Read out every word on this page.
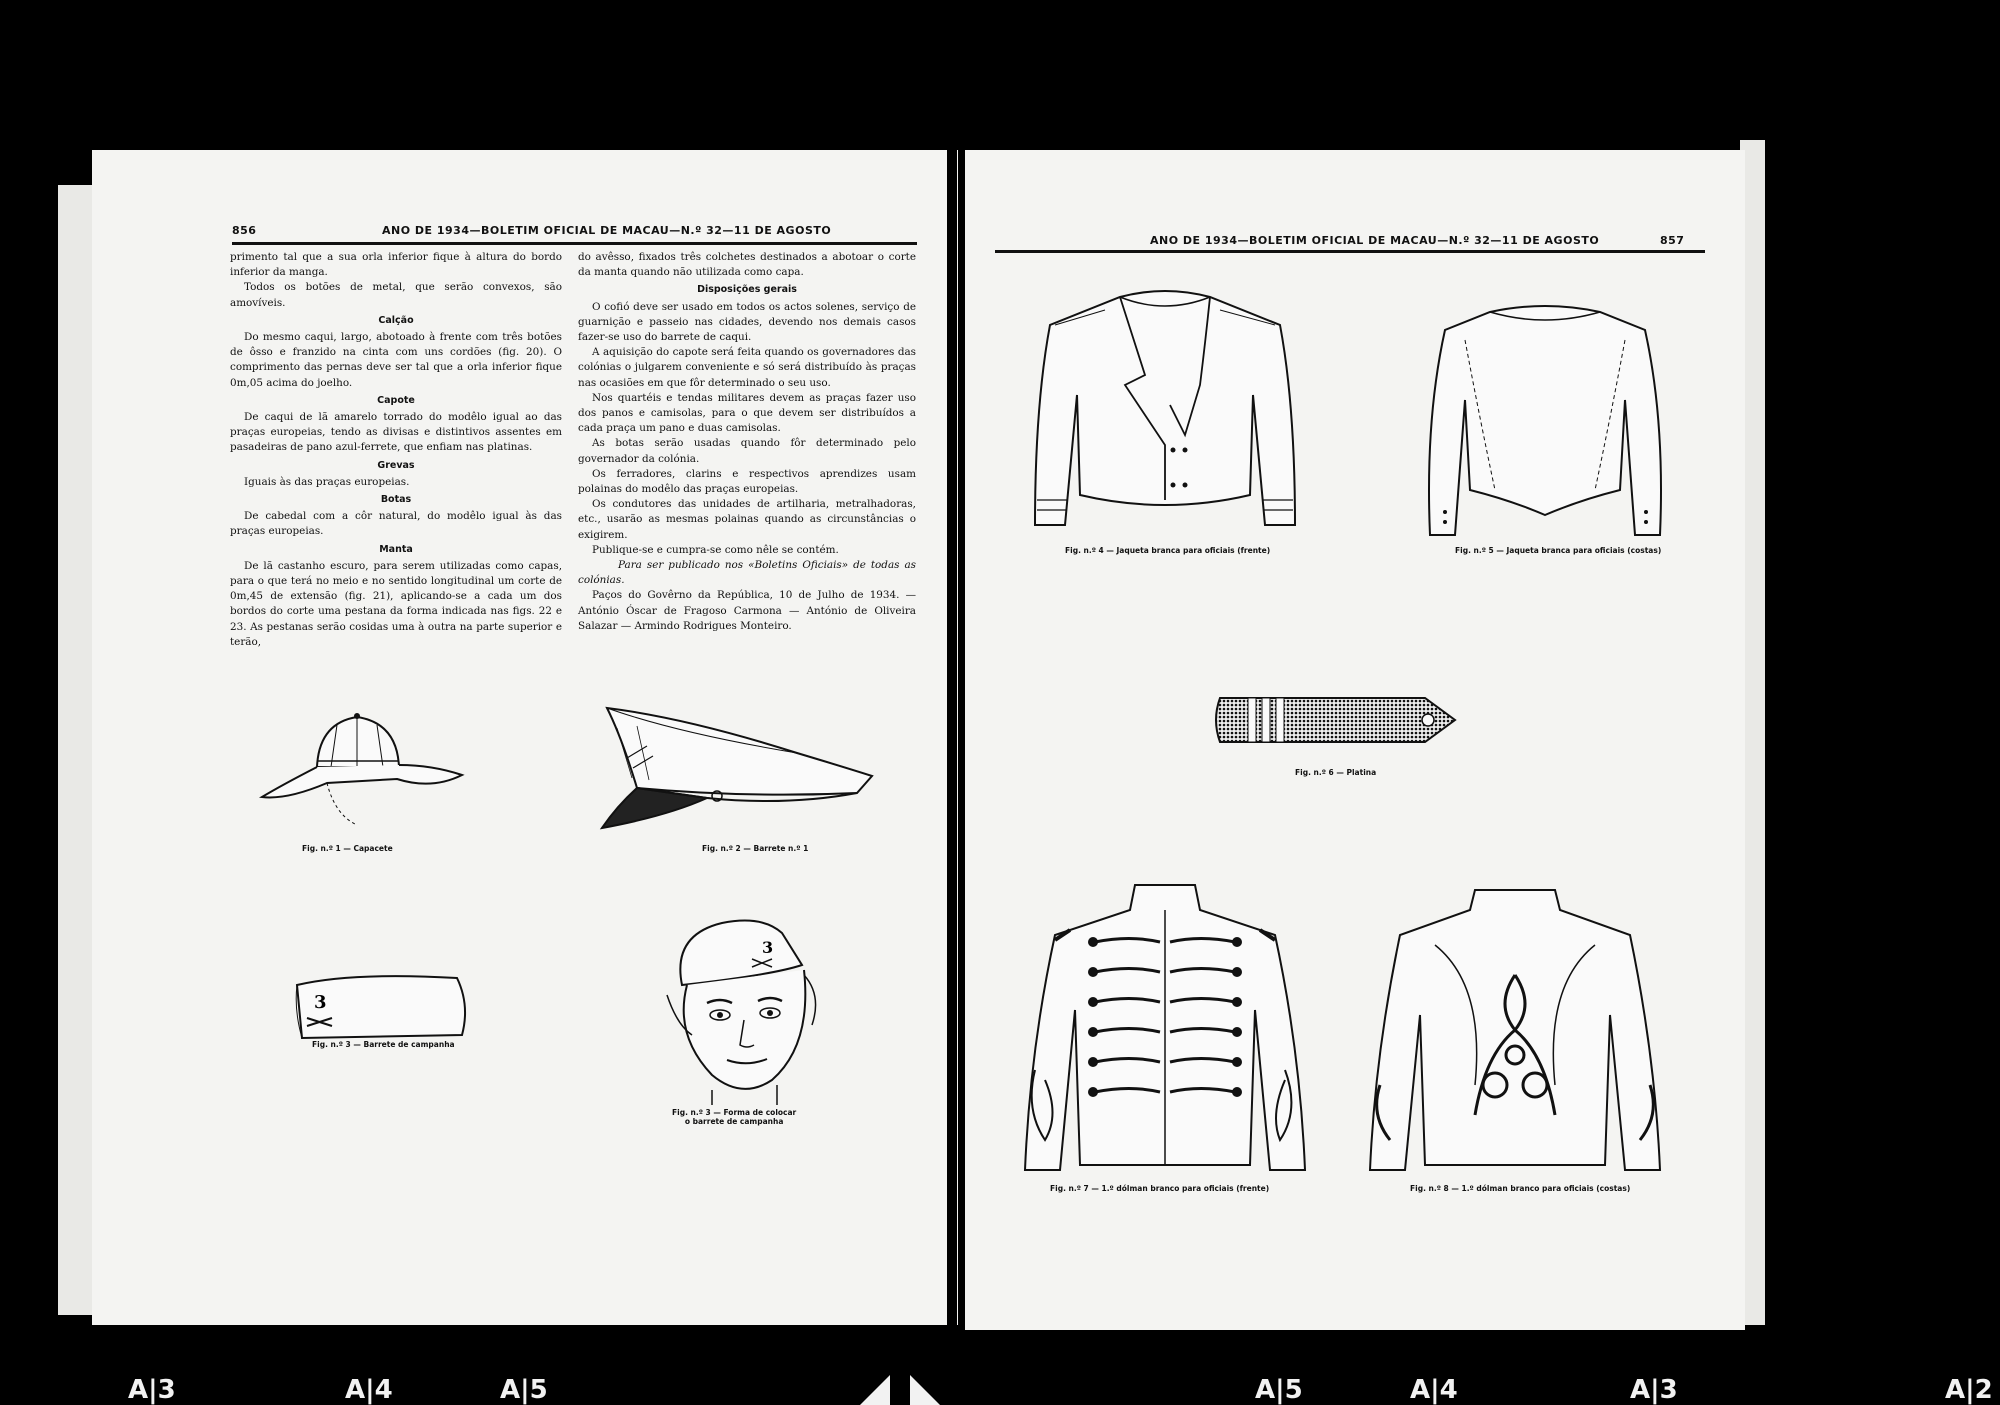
856	ANO DE 1934—BOLETIM OFICIAL DE MACAU—N.º 32—11 DE AGOSTO

primento tal que a sua orla inferior fique à altura do bordo inferior da manga.

Todos os botões de metal, que serão convexos, são amovíveis.

Calção

Do mesmo caqui, largo, abotoado à frente com três botões de ôsso e franzido na cinta com uns cordões (fig. 20). O comprimento das pernas deve ser tal que a orla inferior fique 0m,05 acima do joelho.

Capote

De caqui de lã amarelo torrado do modêlo igual ao das praças europeias, tendo as divisas e distintivos assentes em pasadeiras de pano azul-ferrete, que enfiam nas platinas.

Grevas

Iguais às das praças europeias.

Botas

De cabedal com a côr natural, do modêlo igual às das praças europeias.

Manta

De lã castanho escuro, para serem utilizadas como capas, para o que terá no meio e no sentido longitudinal um corte de 0m,45 de extensão (fig. 21), aplicando-se a cada um dos bordos do corte uma pestana da forma indicada nas figs. 22 e 23. As pestanas serão cosidas uma à outra na parte superior e terão,

do avêsso, fixados três colchetes destinados a abotoar o corte da manta quando não utilizada como capa.

Disposições gerais

O cofió deve ser usado em todos os actos solenes, serviço de guarnição e passeio nas cidades, devendo nos demais casos fazer-se uso do barrete de caqui.

A aquisição do capote será feita quando os governadores das colónias o julgarem conveniente e só será distribuído às praças nas ocasiões em que fôr determinado o seu uso.

Nos quartéis e tendas militares devem as praças fazer uso dos panos e camisolas, para o que devem ser distribuídos a cada praça um pano e duas camisolas.

As botas serão usadas quando fôr determinado pelo governador da colónia.

Os ferradores, clarins e respectivos aprendizes usam polainas do modêlo das praças europeias.

Os condutores das unidades de artilharia, metralhadoras, etc., usarão as mesmas polainas quando as circunstâncias o exigirem.

Publique-se e cumpra-se como nêle se contém.

Para ser publicado nos «Boletins Oficiais» de todas as colónias.

Paços do Govêrno da República, 10 de Julho de 1934. — António Óscar de Fragoso Carmona — António de Oliveira Salazar — Armindo Rodrigues Monteiro.

Fig. n.º 1 — Capacete	Fig. n.º 2 — Barrete n.º 1
3
Fig. n.º 3 — Barrete de campanha
3
Fig. n.º 3 — Forma de colocar
o barrete de campanha
ANO DE 1934—BOLETIM OFICIAL DE MACAU—N.º 32—11 DE AGOSTO	857
Fig. n.º 4 — Jaqueta branca para oficiais (frente)	Fig. n.º 5 — Jaqueta branca para oficiais (costas)
Fig. n.º 6 — Platina
Fig. n.º 7 — 1.º dólman branco para oficiais (frente)	Fig. n.º 8 — 1.º dólman branco para oficiais (costas)
A|3	A|4	A|5	A|5	A|4	A|3	A|2
